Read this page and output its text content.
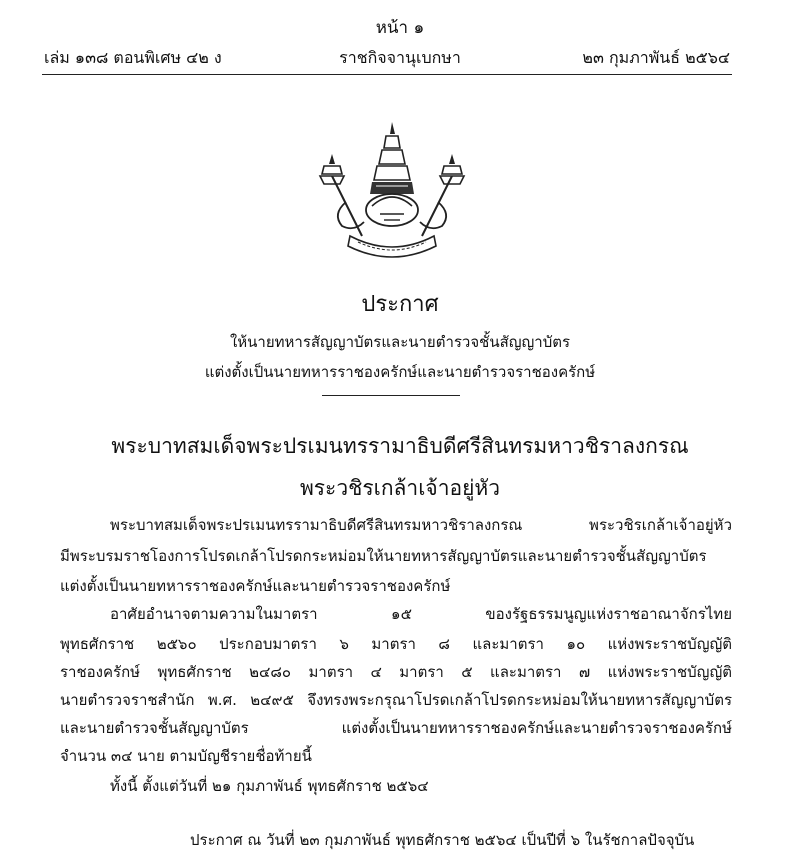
หน้า ๑
เล่ม ๑๓๘ ตอนพิเศษ ๔๒ ง	ราชกิจจานุเบกษา	๒๓ กุมภาพันธ์ ๒๕๖๔
ประกาศ
ให้นายทหารสัญญาบัตรและนายตำรวจชั้นสัญญาบัตร
แต่งตั้งเป็นนายทหารราชองครักษ์และนายตำรวจราชองครักษ์
พระบาทสมเด็จพระปรเมนทรรามาธิบดีศรีสินทรมหาวชิราลงกรณ
พระวชิรเกล้าเจ้าอยู่หัว
พระบาทสมเด็จพระปรเมนทรรามาธิบดีศรีสินทรมหาวชิราลงกรณ พระวชิรเกล้าเจ้าอยู่หัว
มีพระบรมราชโองการโปรดเกล้าโปรดกระหม่อมให้นายทหารสัญญาบัตรและนายตำรวจชั้นสัญญาบัตร
แต่งตั้งเป็นนายทหารราชองครักษ์และนายตำรวจราชองครักษ์
อาศัยอำนาจตามความในมาตรา ๑๕ ของรัฐธรรมนูญแห่งราชอาณาจักรไทย
พุทธศักราช ๒๕๖๐ ประกอบมาตรา ๖ มาตรา ๘ และมาตรา ๑๐ แห่งพระราชบัญญัติ
ราชองครักษ์ พุทธศักราช ๒๔๘๐ มาตรา ๔ มาตรา ๕ และมาตรา ๗ แห่งพระราชบัญญัติ
นายตำรวจราชสำนัก พ.ศ. ๒๔๙๕ จึงทรงพระกรุณาโปรดเกล้าโปรดกระหม่อมให้นายทหารสัญญาบัตร
และนายตำรวจชั้นสัญญาบัตร แต่งตั้งเป็นนายทหารราชองครักษ์และนายตำรวจราชองครักษ์
จำนวน ๓๔ นาย ตามบัญชีรายชื่อท้ายนี้
ทั้งนี้ ตั้งแต่วันที่ ๒๑ กุมภาพันธ์ พุทธศักราช ๒๕๖๔
ประกาศ ณ วันที่ ๒๓ กุมภาพันธ์ พุทธศักราช ๒๕๖๔ เป็นปีที่ ๖ ในรัชกาลปัจจุบัน
